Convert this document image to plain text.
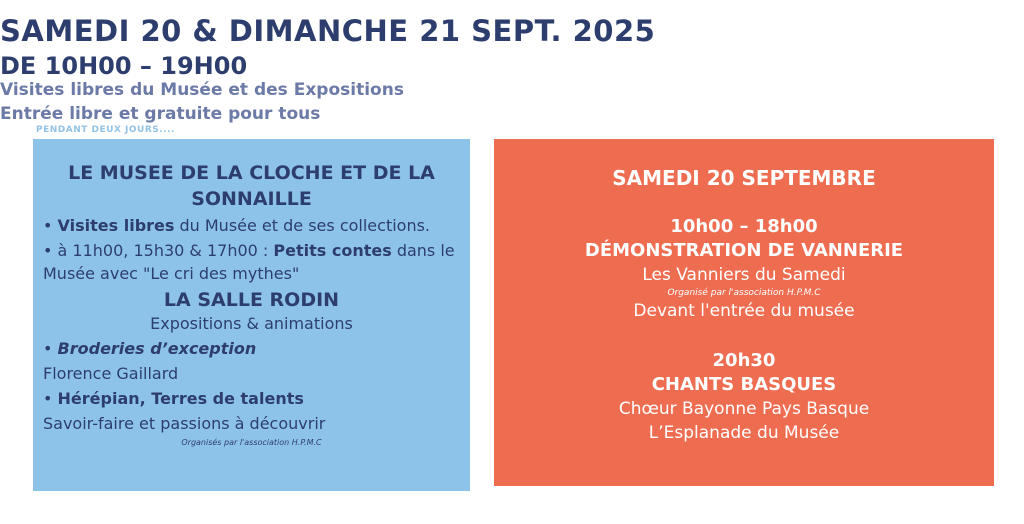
SAMEDI 20 & DIMANCHE 21 SEPT. 2025
DE 10H00 – 19H00
Visites libres du Musée et des Expositions
Entrée libre et gratuite pour tous
PENDANT DEUX JOURS....
LE MUSEE DE LA CLOCHE ET DE LA SONNAILLE
• Visites libres du Musée et de ses collections.
• à 11h00, 15h30 & 17h00 : Petits contes dans le Musée avec "Le cri des mythes"
LA SALLE RODIN
Expositions & animations
• Broderies d’exception
Florence Gaillard
• Hérépian, Terres de talents
Savoir-faire et passions à découvrir
Organisés par l'association H.P.M.C
SAMEDI 20 SEPTEMBRE
10h00 – 18h00
DÉMONSTRATION DE VANNERIE
Les Vanniers du Samedi
Organisé par l'association H.P.M.C
Devant l'entrée du musée
20h30
CHANTS BASQUES
Chœur Bayonne Pays Basque
L’Esplanade du Musée
